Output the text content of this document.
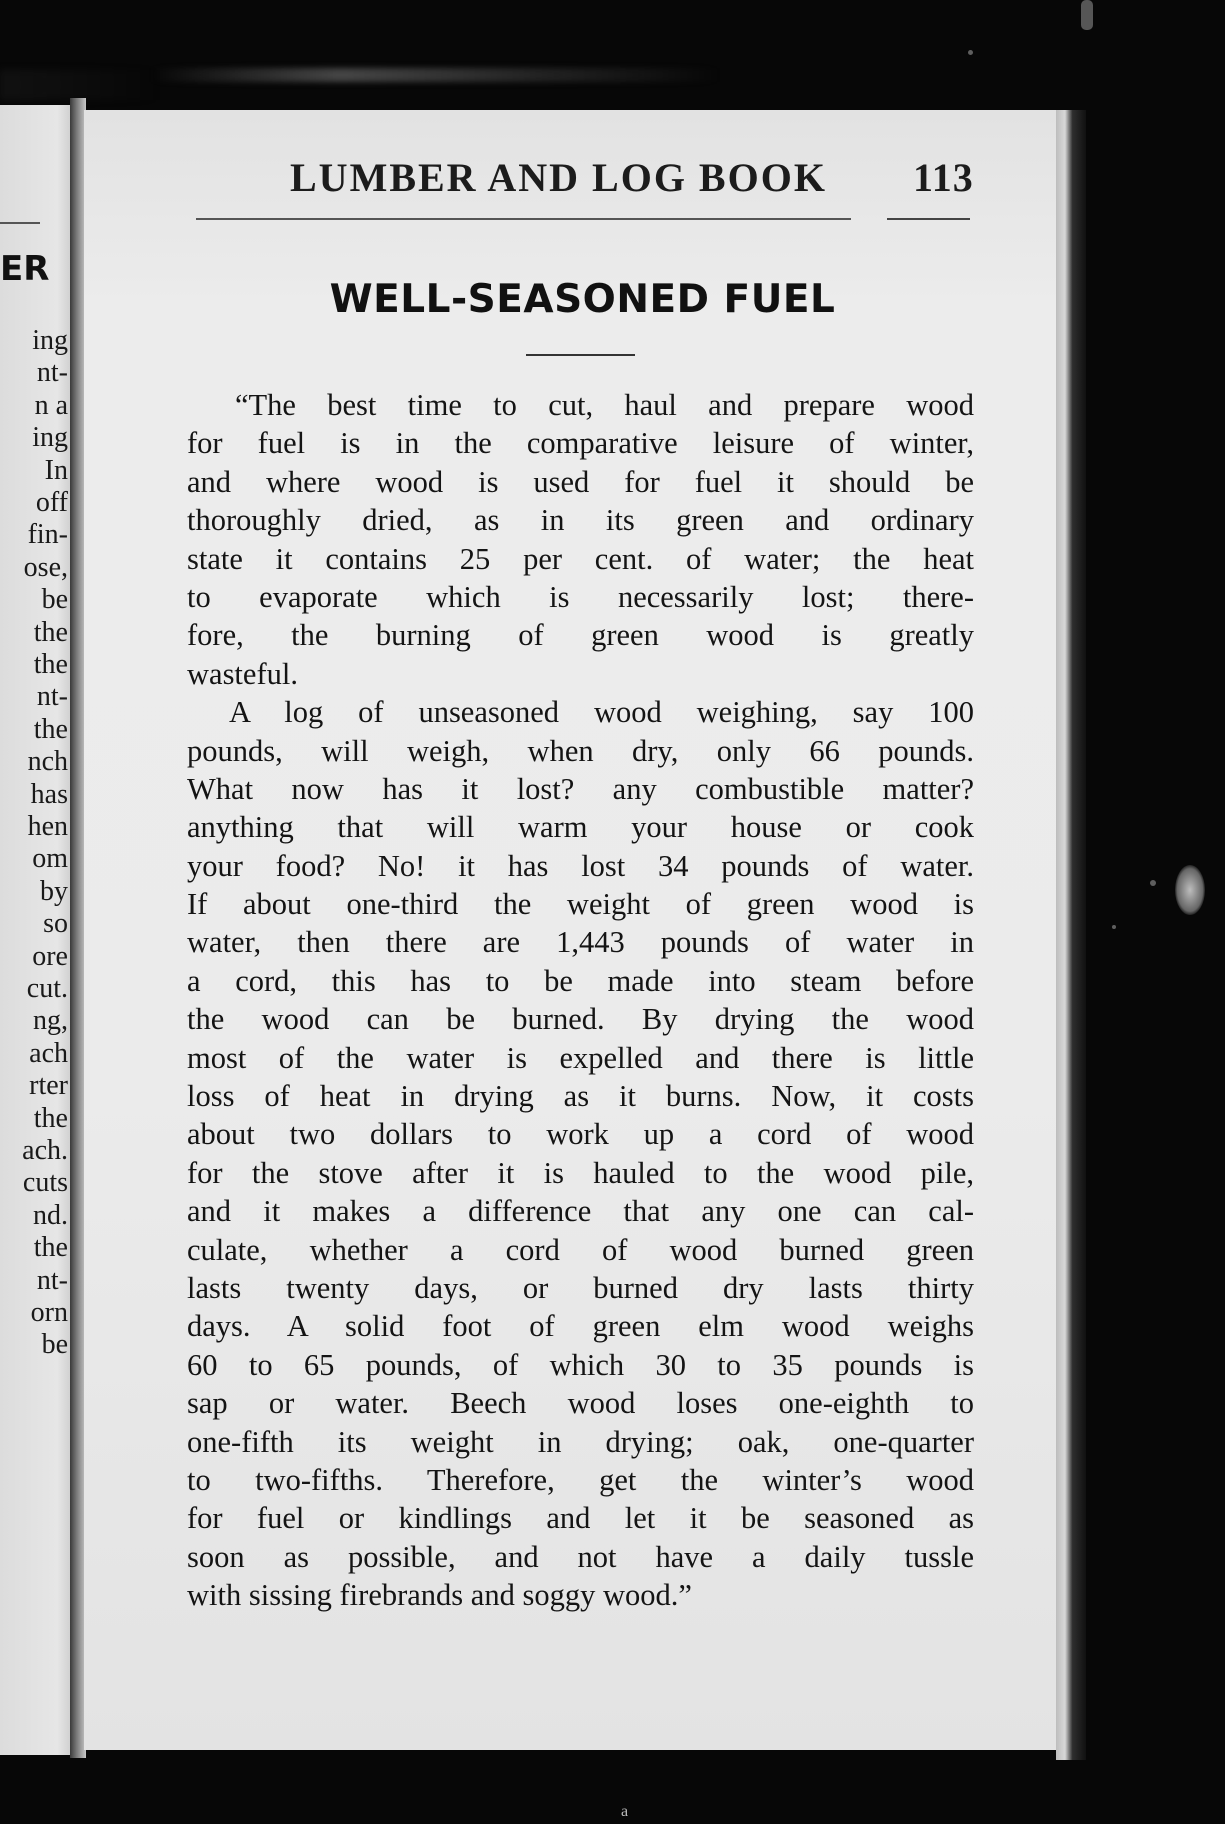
ER
ing
nt-
n a
ing
In
off
fin-
ose,
be
the
the
nt-
the
nch
has
hen
om
by
so
ore
cut.
ng,
ach
rter
the
ach.
cuts
nd.
the
nt-
orn
be
LUMBER AND LOG BOOK 113
WELL-SEASONED FUEL
“The best time to cut, haul and prepare wood
for fuel is in the comparative leisure of winter,
and where wood is used for fuel it should be
thoroughly dried, as in its green and ordinary
state it contains 25 per cent. of water; the heat
to evaporate which is necessarily lost; there-
fore, the burning of green wood is greatly
wasteful.
A log of unseasoned wood weighing, say 100
pounds, will weigh, when dry, only 66 pounds.
What now has it lost? any combustible matter?
anything that will warm your house or cook
your food? No! it has lost 34 pounds of water.
If about one-third the weight of green wood is
water, then there are 1,443 pounds of water in
a cord, this has to be made into steam before
the wood can be burned. By drying the wood
most of the water is expelled and there is little
loss of heat in drying as it burns. Now, it costs
about two dollars to work up a cord of wood
for the stove after it is hauled to the wood pile,
and it makes a difference that any one can cal-
culate, whether a cord of wood burned green
lasts twenty days, or burned dry lasts thirty
days. A solid foot of green elm wood weighs
60 to 65 pounds, of which 30 to 35 pounds is
sap or water. Beech wood loses one-eighth to
one-fifth its weight in drying; oak, one-quarter
to two-fifths. Therefore, get the winter’s wood
for fuel or kindlings and let it be seasoned as
soon as possible, and not have a daily tussle
with sissing firebrands and soggy wood.”
a
